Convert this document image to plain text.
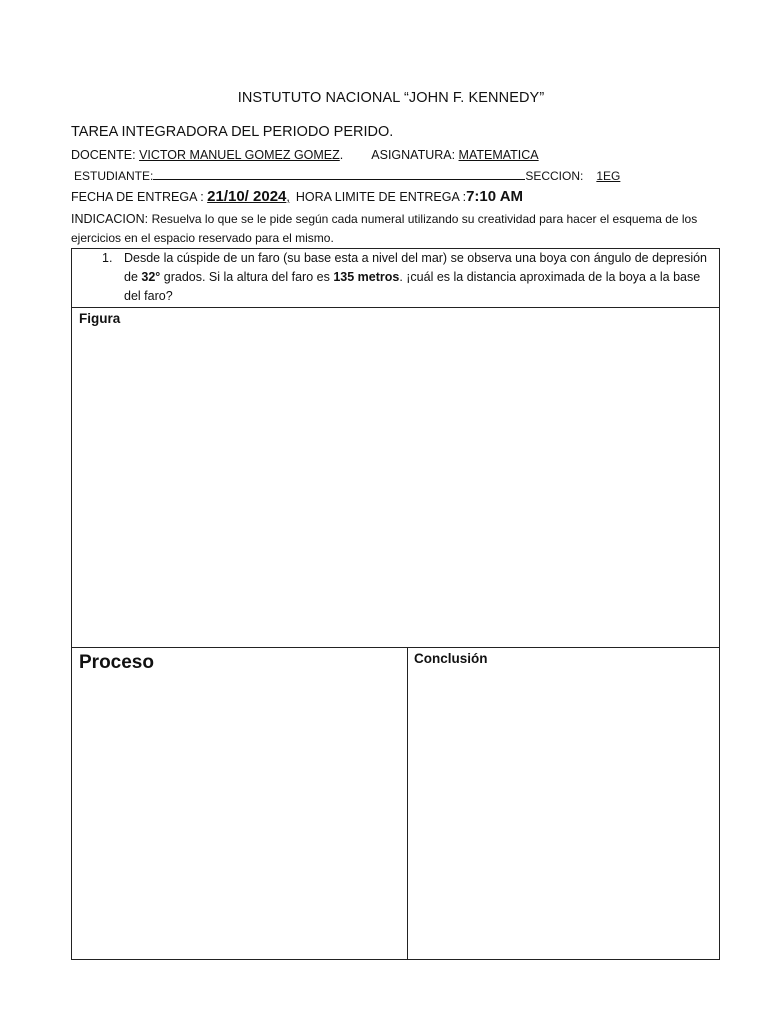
INSTUTUTO NACIONAL “JOHN F. KENNEDY”
TAREA INTEGRADORA DEL PERIODO PERIDO.
DOCENTE: VICTOR MANUEL GOMEZ GOMEZ. ASIGNATURA: MATEMATICA
ESTUDIANTE:	SECCION: 1EG
FECHA DE ENTREGA : 21/10/ 2024, HORA LIMITE DE ENTREGA :7:10 AM
INDICACION: Resuelva lo que se le pide según cada numeral utilizando su creatividad para hacer el esquema de los ejercicios en el espacio reservado para el mismo.
1. Desde la cúspide de un faro (su base esta a nivel del mar) se observa una boya con ángulo de depresión de 32° grados. Si la altura del faro es 135 metros. ¡cuál es la distancia aproximada de la boya a la base del faro?
Figura
Proceso	Conclusión
